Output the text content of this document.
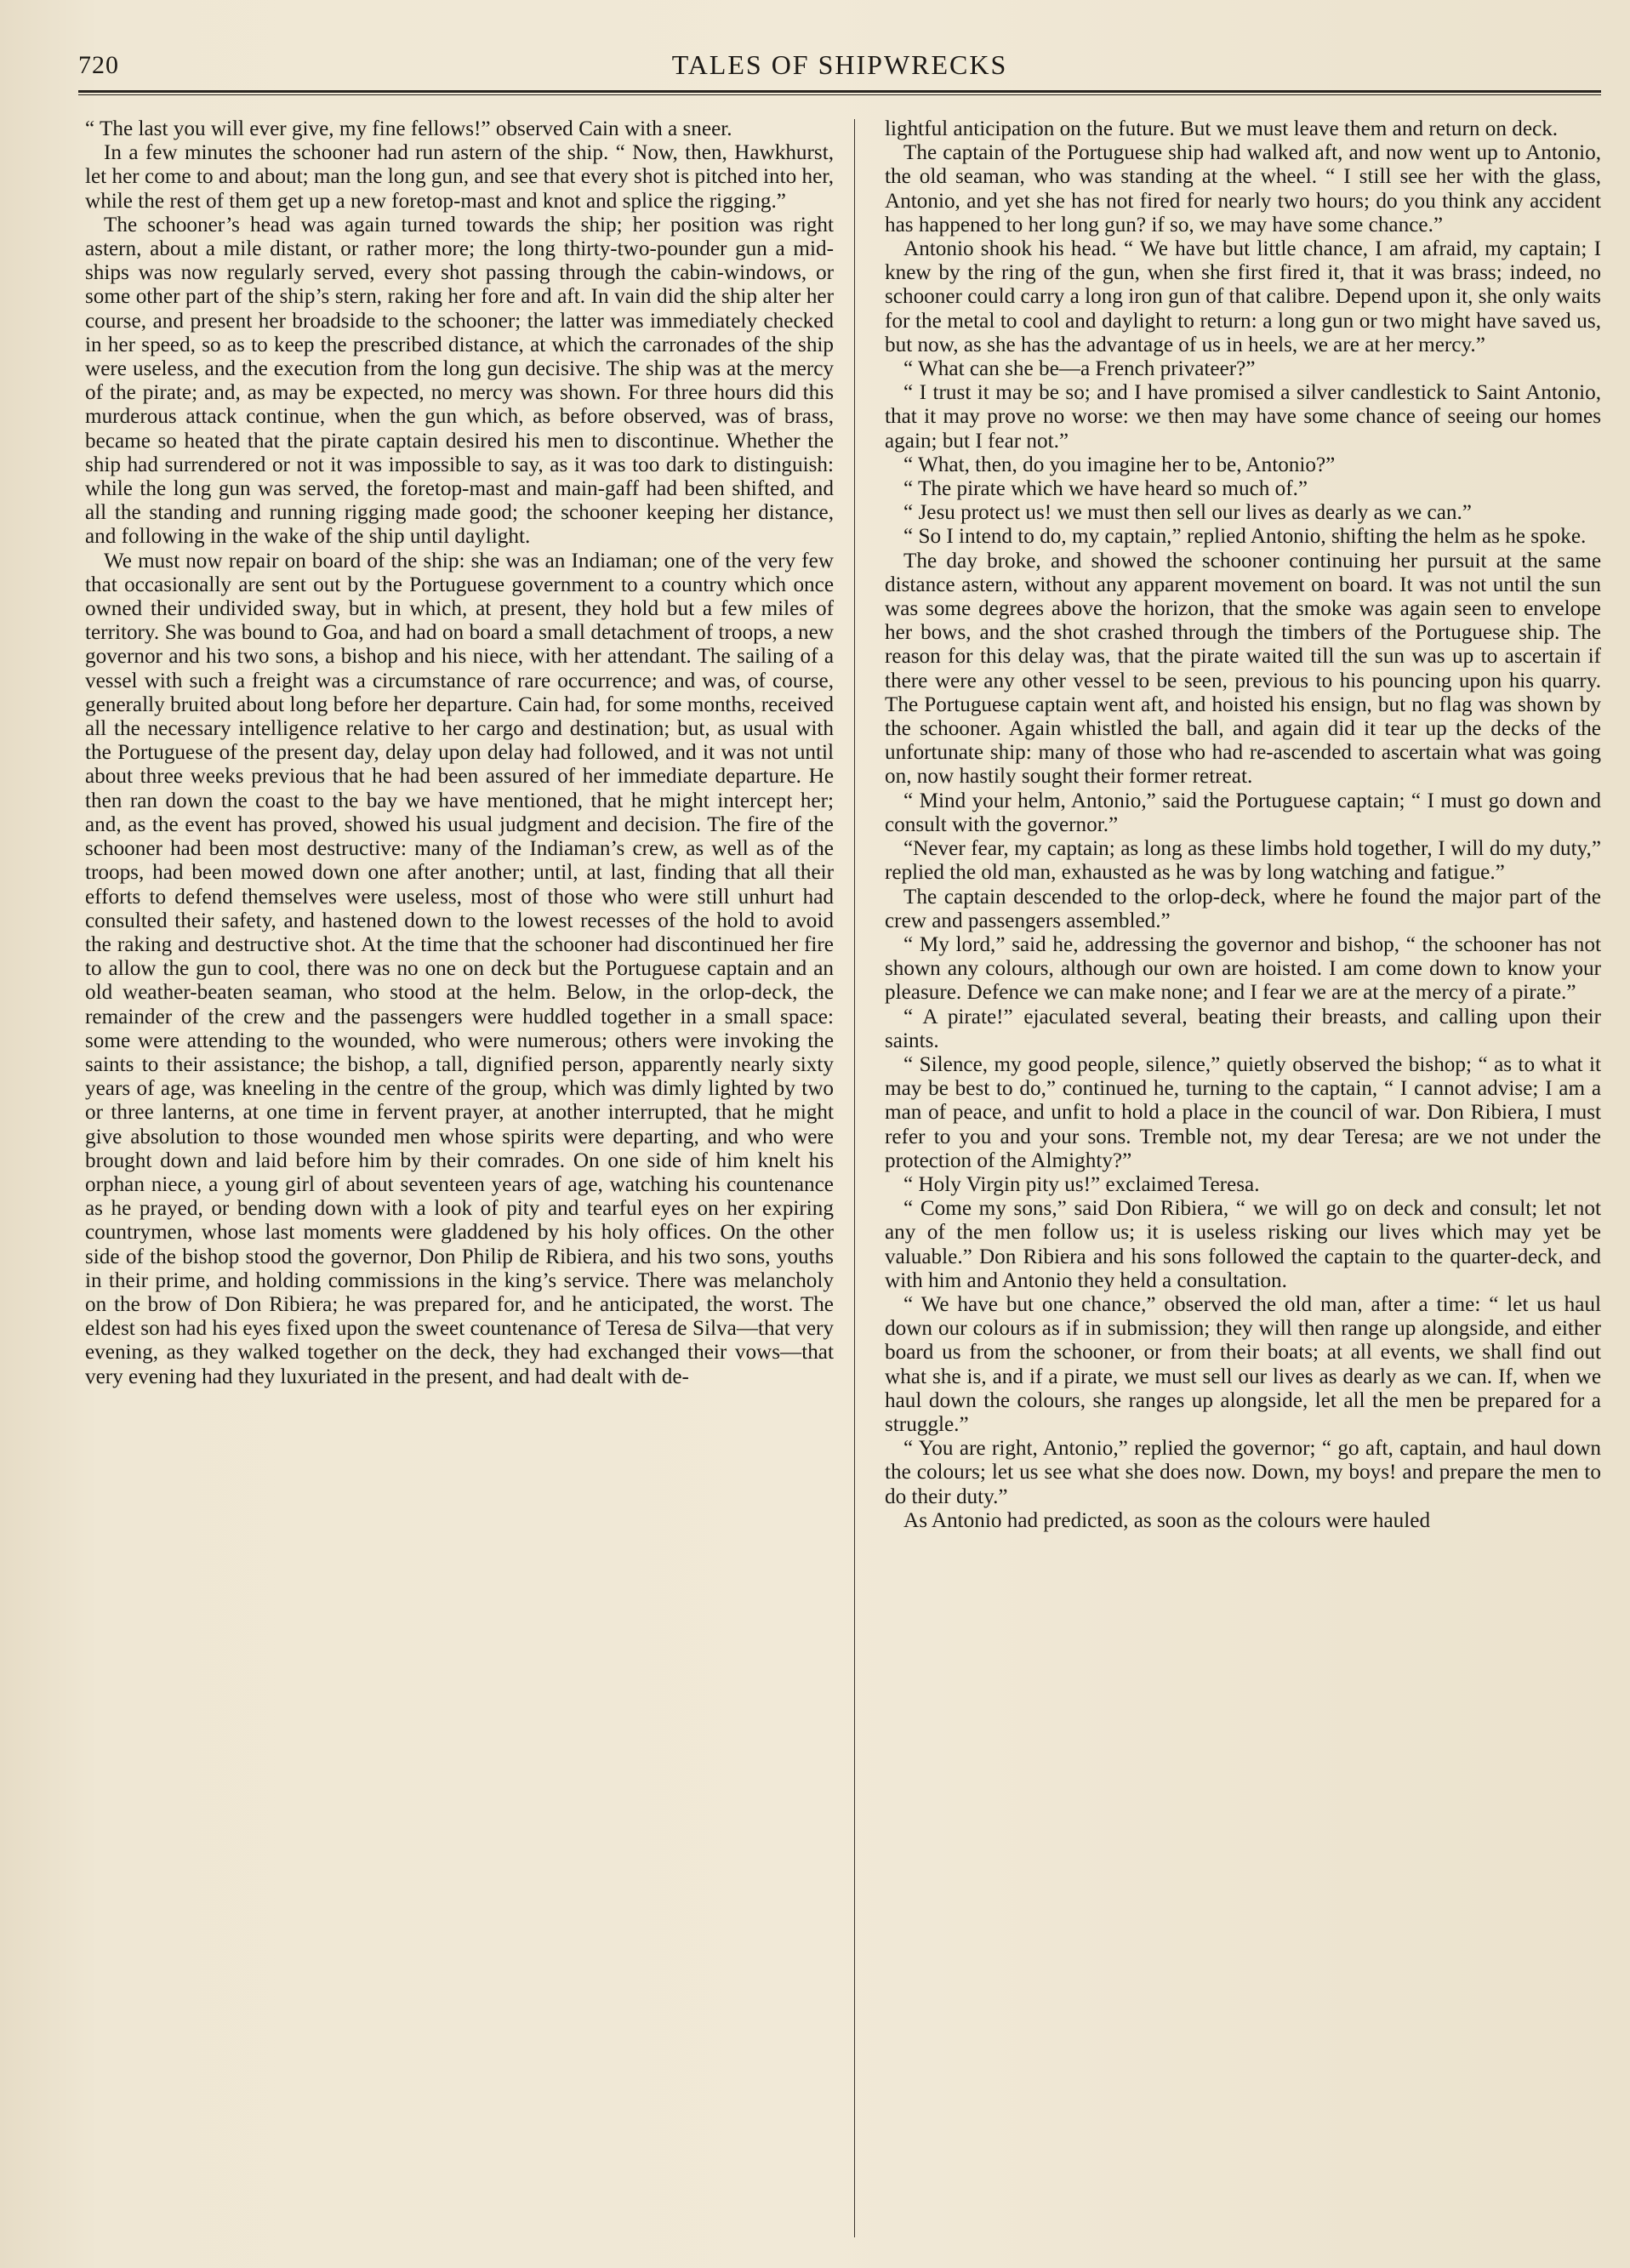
720	TALES OF SHIPWRECKS

“ The last you will ever give, my fine fellows!” observed Cain with a sneer.

In a few minutes the schooner had run astern of the ship. “ Now, then, Hawkhurst, let her come to and about; man the long gun, and see that every shot is pitched into her, while the rest of them get up a new foretop-mast and knot and splice the rigging.”

The schooner’s head was again turned towards the ship; her position was right astern, about a mile distant, or rather more; the long thirty-two-pounder gun a mid-ships was now regularly served, every shot passing through the cabin-windows, or some other part of the ship’s stern, raking her fore and aft. In vain did the ship alter her course, and present her broadside to the schooner; the latter was immediately checked in her speed, so as to keep the prescribed distance, at which the carronades of the ship were useless, and the execution from the long gun decisive. The ship was at the mercy of the pirate; and, as may be expected, no mercy was shown. For three hours did this murderous attack continue, when the gun which, as before observed, was of brass, became so heated that the pirate captain desired his men to discontinue. Whether the ship had surrendered or not it was impossible to say, as it was too dark to distinguish: while the long gun was served, the foretop-mast and main-gaff had been shifted, and all the standing and running rigging made good; the schooner keeping her distance, and following in the wake of the ship until daylight.

We must now repair on board of the ship: she was an Indiaman; one of the very few that occasionally are sent out by the Portuguese government to a country which once owned their undivided sway, but in which, at present, they hold but a few miles of territory. She was bound to Goa, and had on board a small detachment of troops, a new governor and his two sons, a bishop and his niece, with her attendant. The sailing of a vessel with such a freight was a circumstance of rare occurrence; and was, of course, generally bruited about long before her departure. Cain had, for some months, received all the necessary intelligence relative to her cargo and destination; but, as usual with the Portuguese of the present day, delay upon delay had followed, and it was not until about three weeks previous that he had been assured of her immediate departure. He then ran down the coast to the bay we have mentioned, that he might intercept her; and, as the event has proved, showed his usual judgment and decision. The fire of the schooner had been most destructive: many of the Indiaman’s crew, as well as of the troops, had been mowed down one after another; until, at last, finding that all their efforts to defend themselves were useless, most of those who were still unhurt had consulted their safety, and hastened down to the lowest recesses of the hold to avoid the raking and destructive shot. At the time that the schooner had discontinued her fire to allow the gun to cool, there was no one on deck but the Portuguese captain and an old weather-beaten seaman, who stood at the helm. Below, in the orlop-deck, the remainder of the crew and the passengers were huddled together in a small space: some were attending to the wounded, who were numerous; others were invoking the saints to their assistance; the bishop, a tall, dignified person, apparently nearly sixty years of age, was kneeling in the centre of the group, which was dimly lighted by two or three lanterns, at one time in fervent prayer, at another interrupted, that he might give absolution to those wounded men whose spirits were departing, and who were brought down and laid before him by their comrades. On one side of him knelt his orphan niece, a young girl of about seventeen years of age, watching his countenance as he prayed, or bending down with a look of pity and tearful eyes on her expiring countrymen, whose last moments were gladdened by his holy offices. On the other side of the bishop stood the governor, Don Philip de Ribiera, and his two sons, youths in their prime, and holding commissions in the king’s service. There was melancholy on the brow of Don Ribiera; he was prepared for, and he anticipated, the worst. The eldest son had his eyes fixed upon the sweet countenance of Teresa de Silva—that very evening, as they walked together on the deck, they had exchanged their vows—that very evening had they luxuriated in the present, and had dealt with de-

lightful anticipation on the future. But we must leave them and return on deck.

The captain of the Portuguese ship had walked aft, and now went up to Antonio, the old seaman, who was standing at the wheel. “ I still see her with the glass, Antonio, and yet she has not fired for nearly two hours; do you think any accident has happened to her long gun? if so, we may have some chance.”

Antonio shook his head. “ We have but little chance, I am afraid, my captain; I knew by the ring of the gun, when she first fired it, that it was brass; indeed, no schooner could carry a long iron gun of that calibre. Depend upon it, she only waits for the metal to cool and daylight to return: a long gun or two might have saved us, but now, as she has the advantage of us in heels, we are at her mercy.”

“ What can she be—a French privateer?”

“ I trust it may be so; and I have promised a silver candlestick to Saint Antonio, that it may prove no worse: we then may have some chance of seeing our homes again; but I fear not.”

“ What, then, do you imagine her to be, Antonio?”

“ The pirate which we have heard so much of.”

“ Jesu protect us! we must then sell our lives as dearly as we can.”

“ So I intend to do, my captain,” replied Antonio, shifting the helm as he spoke.

The day broke, and showed the schooner continuing her pursuit at the same distance astern, without any apparent movement on board. It was not until the sun was some degrees above the horizon, that the smoke was again seen to envelope her bows, and the shot crashed through the timbers of the Portuguese ship. The reason for this delay was, that the pirate waited till the sun was up to ascertain if there were any other vessel to be seen, previous to his pouncing upon his quarry. The Portuguese captain went aft, and hoisted his ensign, but no flag was shown by the schooner. Again whistled the ball, and again did it tear up the decks of the unfortunate ship: many of those who had re-ascended to ascertain what was going on, now hastily sought their former retreat.

“ Mind your helm, Antonio,” said the Portuguese captain; “ I must go down and consult with the governor.”

“Never fear, my captain; as long as these limbs hold together, I will do my duty,” replied the old man, exhausted as he was by long watching and fatigue.”

The captain descended to the orlop-deck, where he found the major part of the crew and passengers assembled.”

“ My lord,” said he, addressing the governor and bishop, “ the schooner has not shown any colours, although our own are hoisted. I am come down to know your pleasure. Defence we can make none; and I fear we are at the mercy of a pirate.”

“ A pirate!” ejaculated several, beating their breasts, and calling upon their saints.

“ Silence, my good people, silence,” quietly observed the bishop; “ as to what it may be best to do,” continued he, turning to the captain, “ I cannot advise; I am a man of peace, and unfit to hold a place in the council of war. Don Ribiera, I must refer to you and your sons. Tremble not, my dear Teresa; are we not under the protection of the Almighty?”

“ Holy Virgin pity us!” exclaimed Teresa.

“ Come my sons,” said Don Ribiera, “ we will go on deck and consult; let not any of the men follow us; it is useless risking our lives which may yet be valuable.” Don Ribiera and his sons followed the captain to the quarter-deck, and with him and Antonio they held a consultation.

“ We have but one chance,” observed the old man, after a time: “ let us haul down our colours as if in submission; they will then range up alongside, and either board us from the schooner, or from their boats; at all events, we shall find out what she is, and if a pirate, we must sell our lives as dearly as we can. If, when we haul down the colours, she ranges up alongside, let all the men be prepared for a struggle.”

“ You are right, Antonio,” replied the governor; “ go aft, captain, and haul down the colours; let us see what she does now. Down, my boys! and prepare the men to do their duty.”

As Antonio had predicted, as soon as the colours were hauled
